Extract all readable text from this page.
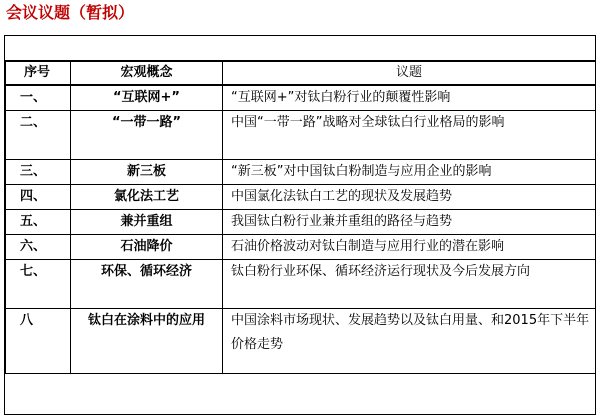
会议议题（暂拟）
序号	宏观概念	议题
一、	“互联网+”	“互联网+”对钛白粉行业的颠覆性影响
二、	“一带一路”	中国“一带一路”战略对全球钛白行业格局的影响
三、	新三板	“新三板”对中国钛白粉制造与应用企业的影响
四、	氯化法工艺	中国氯化法钛白工艺的现状及发展趋势
五、	兼并重组	我国钛白粉行业兼并重组的路径与趋势
六、	石油降价	石油价格波动对钛白制造与应用行业的潜在影响
七、	环保、循环经济	钛白粉行业环保、循环经济运行现状及今后发展方向
八	钛白在涂料中的应用	中国涂料市场现状、发展趋势以及钛白用量、和2015年下半年价格走势
